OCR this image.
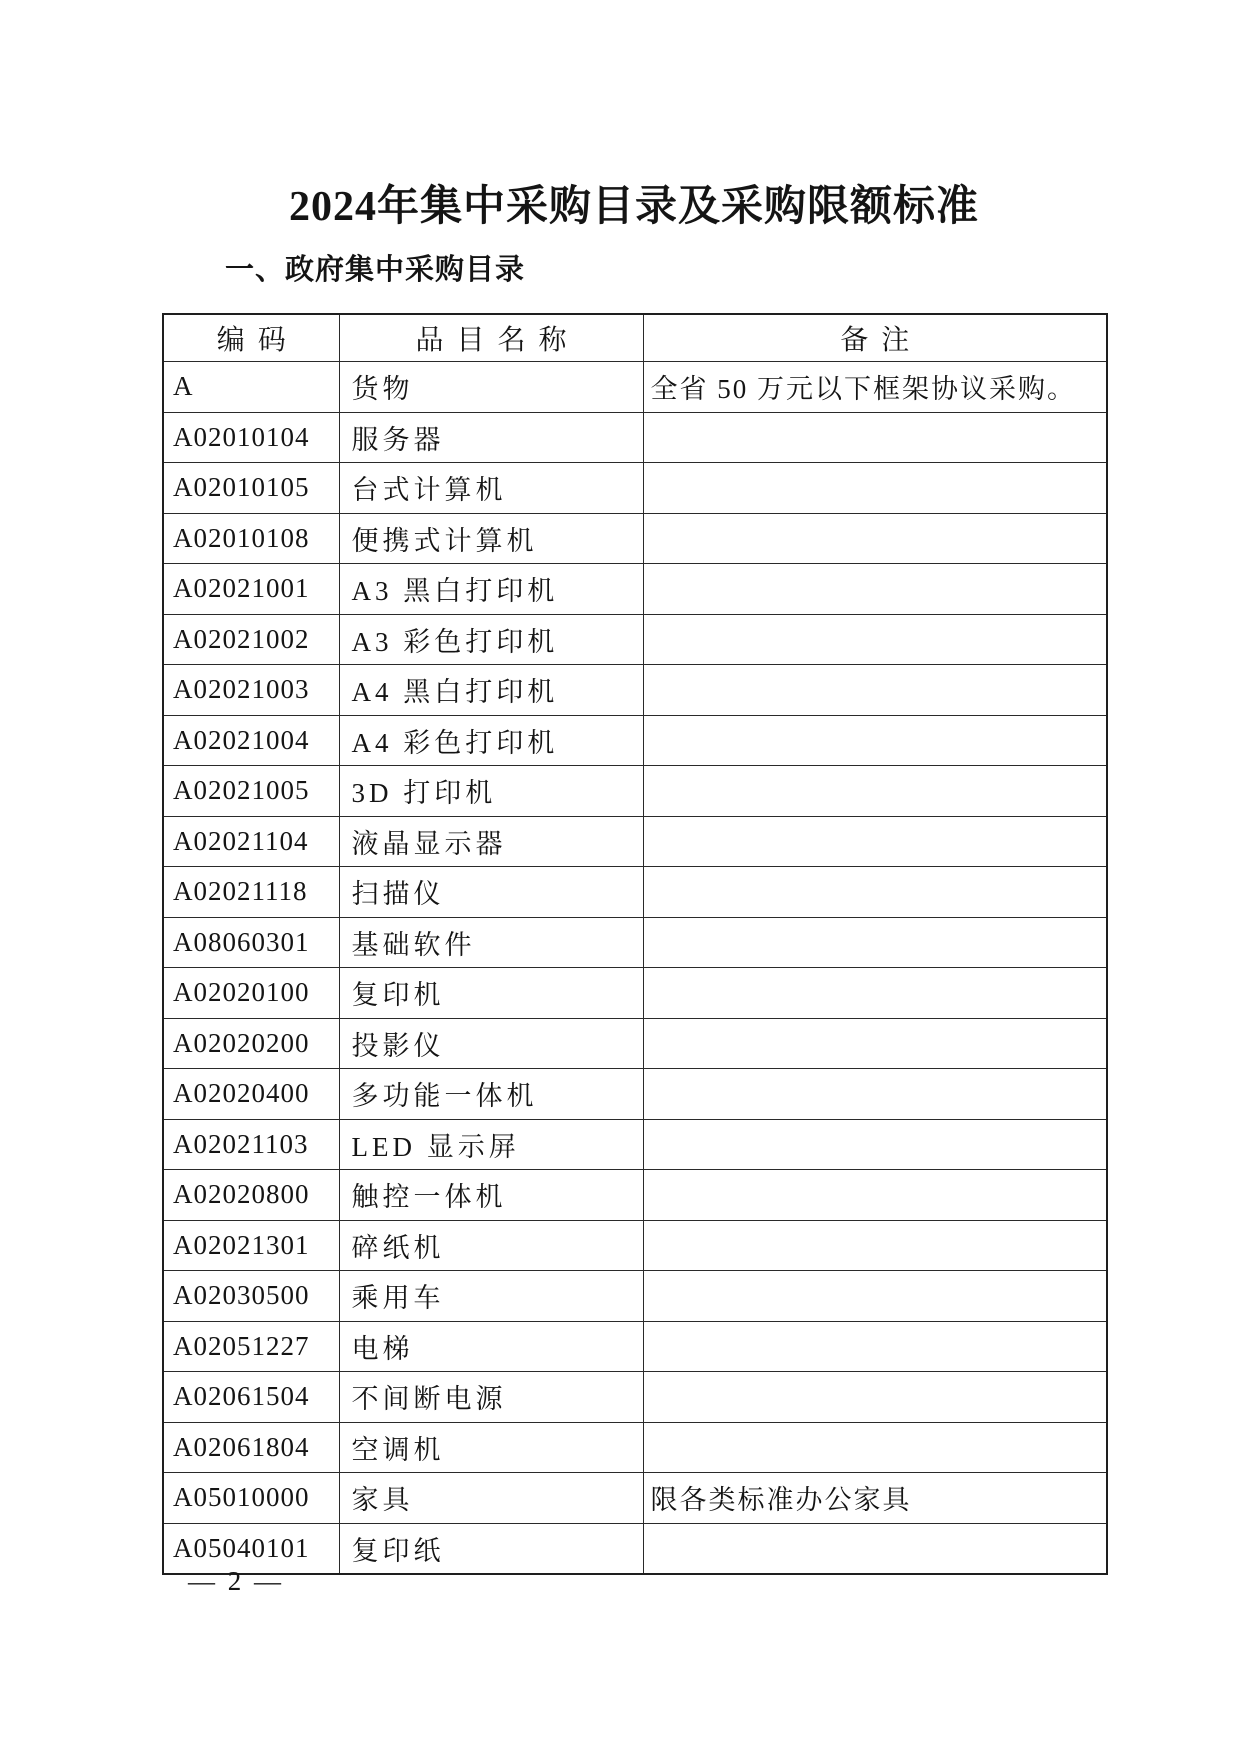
2024年集中采购目录及采购限额标准
一、政府集中采购目录
编码	品目名称	备注
A	货物	全省 50 万元以下框架协议采购。
A02010104	服务器	
A02010105	台式计算机	
A02010108	便携式计算机	
A02021001	A3 黑白打印机	
A02021002	A3 彩色打印机	
A02021003	A4 黑白打印机	
A02021004	A4 彩色打印机	
A02021005	3D 打印机	
A02021104	液晶显示器	
A02021118	扫描仪	
A08060301	基础软件	
A02020100	复印机	
A02020200	投影仪	
A02020400	多功能一体机	
A02021103	LED 显示屏	
A02020800	触控一体机	
A02021301	碎纸机	
A02030500	乘用车	
A02051227	电梯	
A02061504	不间断电源	
A02061804	空调机	
A05010000	家具	限各类标准办公家具
A05040101	复印纸	
— 2 —
